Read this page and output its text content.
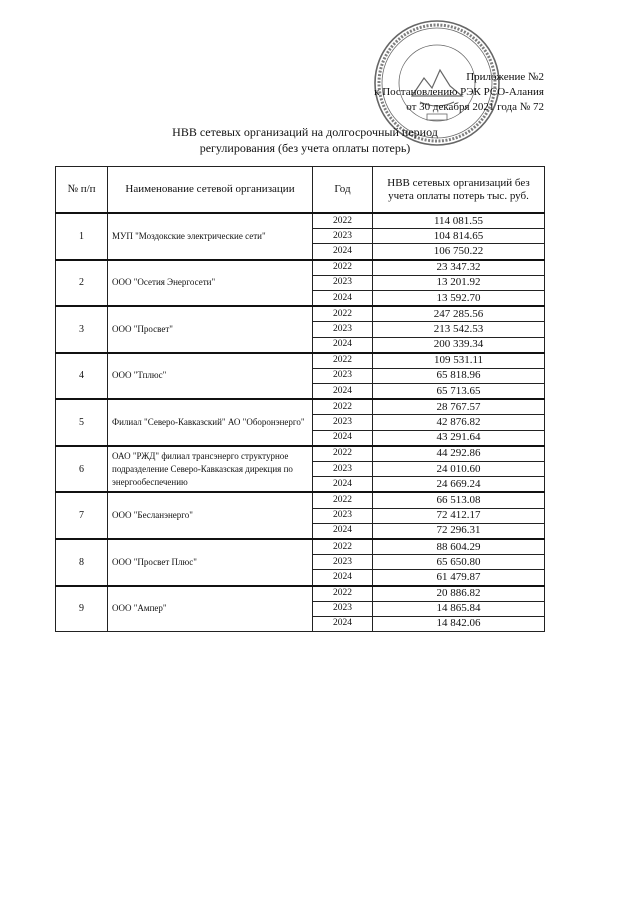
Приложение №2
к Постановлению РЭК РСО-Алания
от 30 декабря 2021 года № 72
НВВ сетевых организаций на долгосрочный период
регулирования (без учета оплаты потерь)
№ п/п	Наименование сетевой организации	Год	НВВ сетевых организаций без учета оплаты потерь тыс. руб.
1	МУП "Моздокские электрические сети"	2022	114 081.55
		2023	104 814.65
		2024	106 750.22
2	ООО "Осетия Энергосети"	2022	23 347.32
		2023	13 201.92
		2024	13 592.70
3	ООО "Просвет"	2022	247 285.56
		2023	213 542.53
		2024	200 339.34
4	ООО "Тплюс"	2022	109 531.11
		2023	65 818.96
		2024	65 713.65
5	Филиал "Северо-Кавказский" АО "Оборонэнерго"	2022	28 767.57
		2023	42 876.82
		2024	43 291.64
6	ОАО "РЖД" филиал трансэнерго структурное подразделение Северо-Кавказская дирекция по энергообеспечению	2022	44 292.86
		2023	24 010.60
		2024	24 669.24
7	ООО "Бесланэнерго"	2022	66 513.08
		2023	72 412.17
		2024	72 296.31
8	ООО "Просвет Плюс"	2022	88 604.29
		2023	65 650.80
		2024	61 479.87
9	ООО "Ампер"	2022	20 886.82
		2023	14 865.84
		2024	14 842.06
